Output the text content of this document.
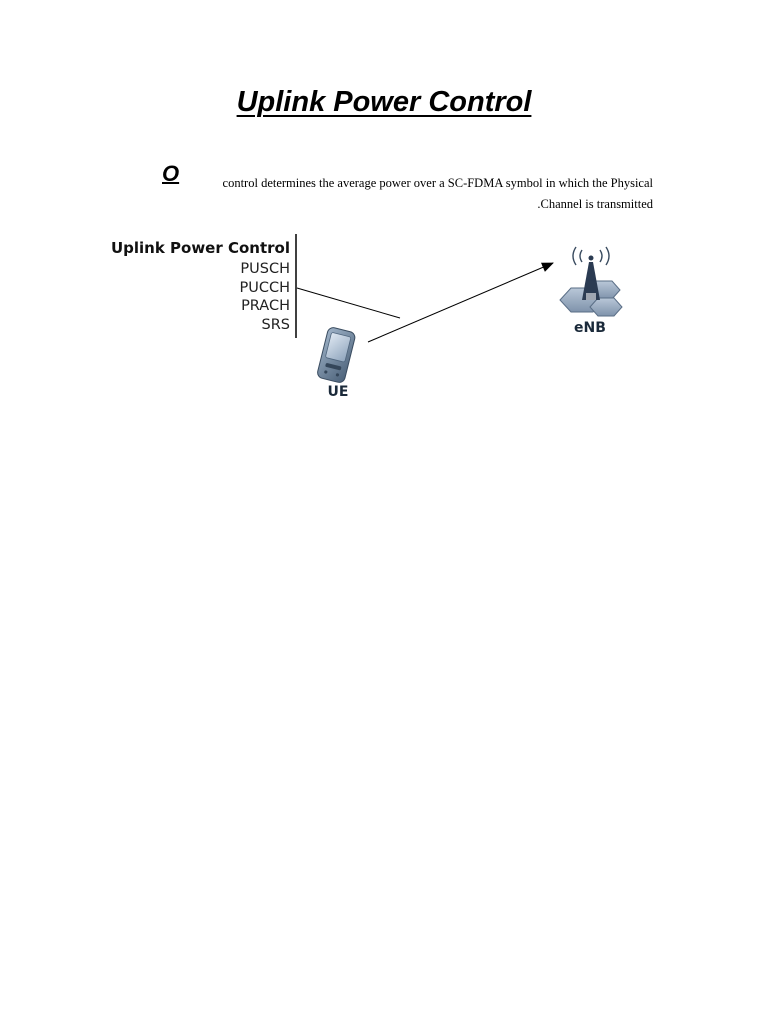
Uplink Power Control
O	control determines the average power over a SC-FDMA symbol in which the Physical
.Channel is transmitted
Uplink Power Control
PUSCH
PUCCH
PRACH
SRS
UE
eNB
